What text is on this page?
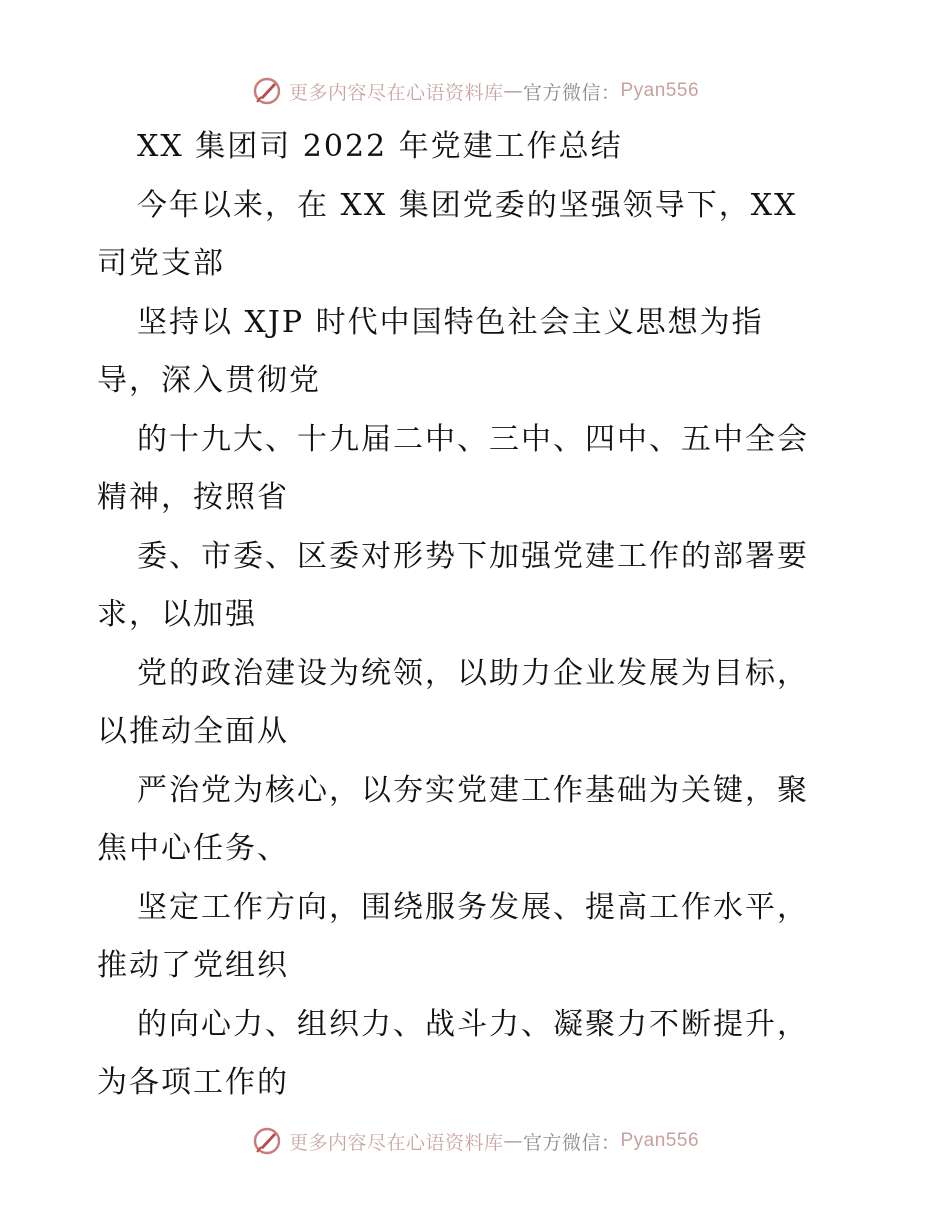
更多内容尽在心语资料库 — 官方微信： Pyan556
XX 集团司 2022 年党建工作总结
今年以来，在 XX 集团党委的坚强领导下，XX
司党支部
坚持以 XJP 时代中国特色社会主义思想为指
导，深入贯彻党
的十九大、十九届二中、三中、四中、五中全会
精神，按照省
委、市委、区委对形势下加强党建工作的部署要
求，以加强
党的政治建设为统领，以助力企业发展为目标，
以推动全面从
严治党为核心，以夯实党建工作基础为关键，聚
焦中心任务、
坚定工作方向，围绕服务发展、提高工作水平，
推动了党组织
的向心力、组织力、战斗力、凝聚力不断提升，
为各项工作的
更多内容尽在心语资料库 — 官方微信： Pyan556
